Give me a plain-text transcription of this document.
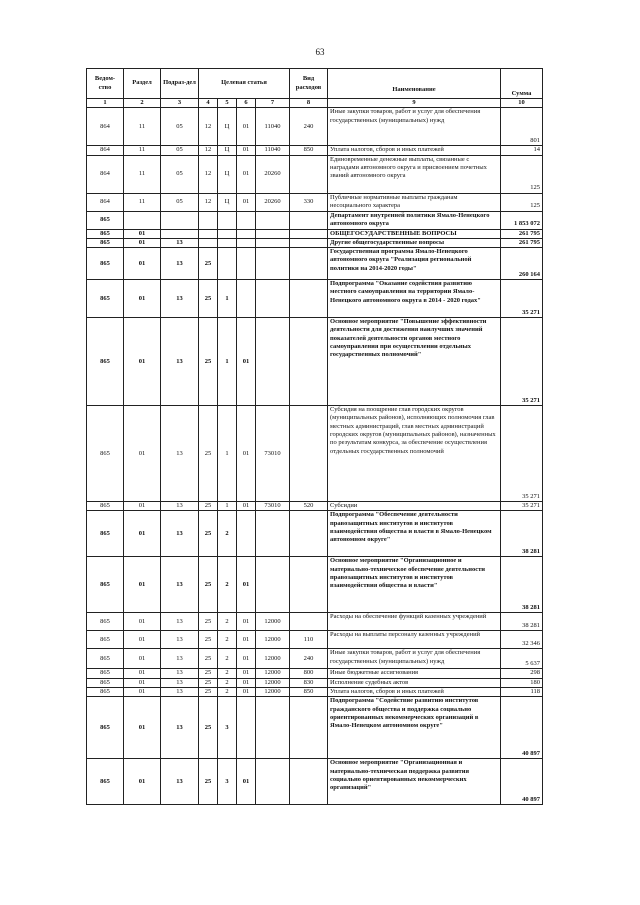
63
Ведом-ство	Раздел	Подраз-дел	Целевая статья				Вид расходов	Наименование	Сумма
1	2	3	4	5	6	7	8	9	10
864	11	05	12	Ц	01	11040	240	Иные закупки товаров, работ и услуг для обеспечения государственных (муниципальных) нужд	801
864	11	05	12	Ц	01	11040	850	Уплата налогов, сборов и иных платежей	14
864	11	05	12	Ц	01	20260		Единовременные денежные выплаты, связанные с наградами автономного округа и присвоением почетных званий автономного округа	125
864	11	05	12	Ц	01	20260	330	Публичные нормативные выплаты гражданам несоциального характера	125
865								Департамент внутренней политики Ямало-Ненецкого автономного округа	1 853 072
865	01							ОБЩЕГОСУДАРСТВЕННЫЕ ВОПРОСЫ	261 795
865	01	13						Другие общегосударственные вопросы	261 795
865	01	13	25					Государственная программа Ямало-Ненецкого автономного округа "Реализация региональной политики на 2014-2020 годы"	260 164
865	01	13	25	1				Подпрограмма "Оказание содействия развитию местного самоуправления на территории Ямало-Ненецкого автономного округа в 2014 - 2020 годах"	35 271
865	01	13	25	1	01			Основное мероприятие "Повышение эффективности деятельности для достижения наилучших значений показателей деятельности органов местного самоуправления при осуществлении отдельных государственных полномочий"	35 271
865	01	13	25	1	01	73010		Субсидия на поощрение глав городских округов (муниципальных районов), исполняющих полномочия глав местных администраций, глав местных администраций городских округов (муниципальных районов), назначенных по результатам конкурса, за обеспечение осуществления отдельных государственных полномочий	35 271
865	01	13	25	1	01	73010	520	Субсидии	35 271
865	01	13	25	2				Подпрограмма "Обеспечение деятельности правозащитных институтов и институтов взаимодействия общества и власти в Ямало-Ненецком автономном округе"	38 281
865	01	13	25	2	01			Основное мероприятие "Организационное и материально-техническое обеспечение деятельности правозащитных институтов и институтов взаимодействия общества и власти"	38 281
865	01	13	25	2	01	12000		Расходы на обеспечение функций казенных учреждений	38 281
865	01	13	25	2	01	12000	110	Расходы на выплаты персоналу казенных учреждений	32 346
865	01	13	25	2	01	12000	240	Иные закупки товаров, работ и услуг для обеспечения государственных (муниципальных) нужд	5 637
865	01	13	25	2	01	12000	800	Иные бюджетные ассигнования	298
865	01	13	25	2	01	12000	830	Исполнение судебных актов	180
865	01	13	25	2	01	12000	850	Уплата налогов, сборов и иных платежей	118
865	01	13	25	3				Подпрограмма "Содействие развитию институтов гражданского общества и поддержка социально ориентированных некоммерческих организаций в Ямало-Ненецком автономном округе"	40 897
865	01	13	25	3	01			Основное мероприятие "Организационная и материально-техническая поддержка развития социально ориентированных некоммерческих организаций"	40 897
